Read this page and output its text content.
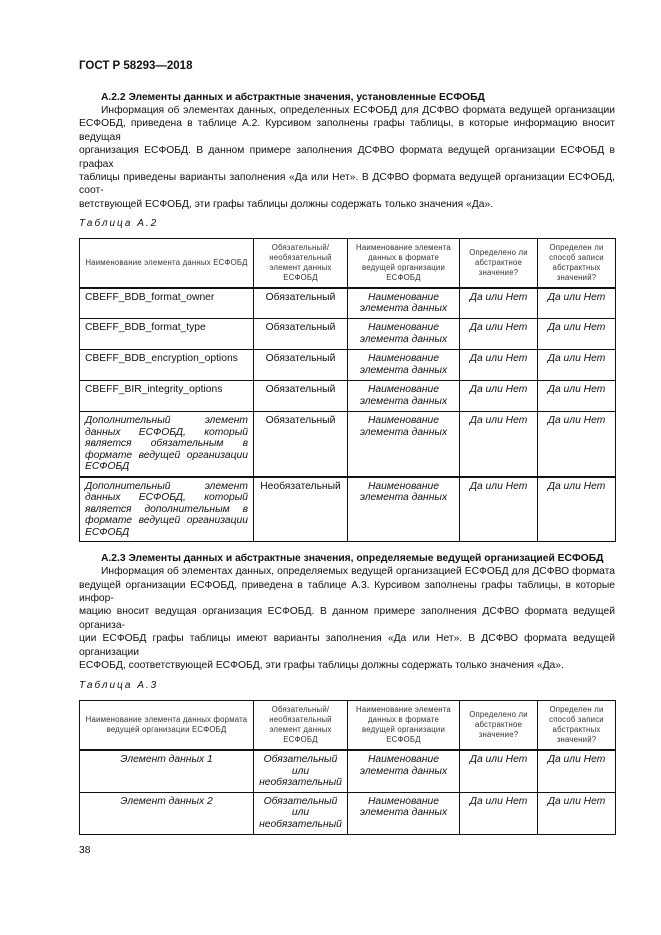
ГОСТ Р 58293—2018
А.2.2 Элементы данных и абстрактные значения, установленные ЕСФОБД
Информация об элементах данных, определенных ЕСФОБД для ДСФВО формата ведущей организации
ЕСФОБД, приведена в таблице А.2. Курсивом заполнены графы таблицы, в которые информацию вносит ведущая
организация ЕСФОБД. В данном примере заполнения ДСФВО формата ведущей организации ЕСФОБД в графах
таблицы приведены варианты заполнения «Да или Нет». В ДСФВО формата ведущей организации ЕСФОБД, соот-
ветствующей ЕСФОБД, эти графы таблицы должны содержать только значения «Да».
Таблица А.2
Наименование элемента данных ЕСФОБД	Обязательный/ необязательный элемент данных ЕСФОБД	Наименование элемента данных в формате ведущей организации ЕСФОБД	Определено ли абстрактное значение?	Определен ли способ записи абстрактных значений?
CBEFF_BDB_format_owner	Обязательный	Наименование элемента данных	Да или Нет	Да или Нет
CBEFF_BDB_format_type	Обязательный	Наименование элемента данных	Да или Нет	Да или Нет
CBEFF_BDB_encryption_options	Обязательный	Наименование элемента данных	Да или Нет	Да или Нет
CBEFF_BIR_integrity_options	Обязательный	Наименование элемента данных	Да или Нет	Да или Нет
Дополнительный элемент данных ЕСФОБД, который является обязательным в формате ведущей организации ЕСФОБД	Обязательный	Наименование элемента данных	Да или Нет	Да или Нет
Дополнительный элемент данных ЕСФОБД, который является дополнительным в формате ведущей организации ЕСФОБД	Необязательный	Наименование элемента данных	Да или Нет	Да или Нет
А.2.3 Элементы данных и абстрактные значения, определяемые ведущей организацией ЕСФОБД
Информация об элементах данных, определяемых ведущей организацией ЕСФОБД для ДСФВО формата
ведущей организации ЕСФОБД, приведена в таблице А.3. Курсивом заполнены графы таблицы, в которые инфор-
мацию вносит ведущая организация ЕСФОБД. В данном примере заполнения ДСФВО формата ведущей организа-
ции ЕСФОБД графы таблицы имеют варианты заполнения «Да или Нет». В ДСФВО формата ведущей организации
ЕСФОБД, соответствующей ЕСФОБД, эти графы таблицы должны содержать только значения «Да».
Таблица А.3
Наименование элемента данных формата ведущей организации ЕСФОБД	Обязательный/ необязательный элемент данных ЕСФОБД	Наименование элемента данных в формате ведущей организации ЕСФОБД	Определено ли абстрактное значение?	Определен ли способ записи абстрактных значений?
Элемент данных 1	Обязательный или необязательный	Наименование элемента данных	Да или Нет	Да или Нет
Элемент данных 2	Обязательный или необязательный	Наименование элемента данных	Да или Нет	Да или Нет
38
